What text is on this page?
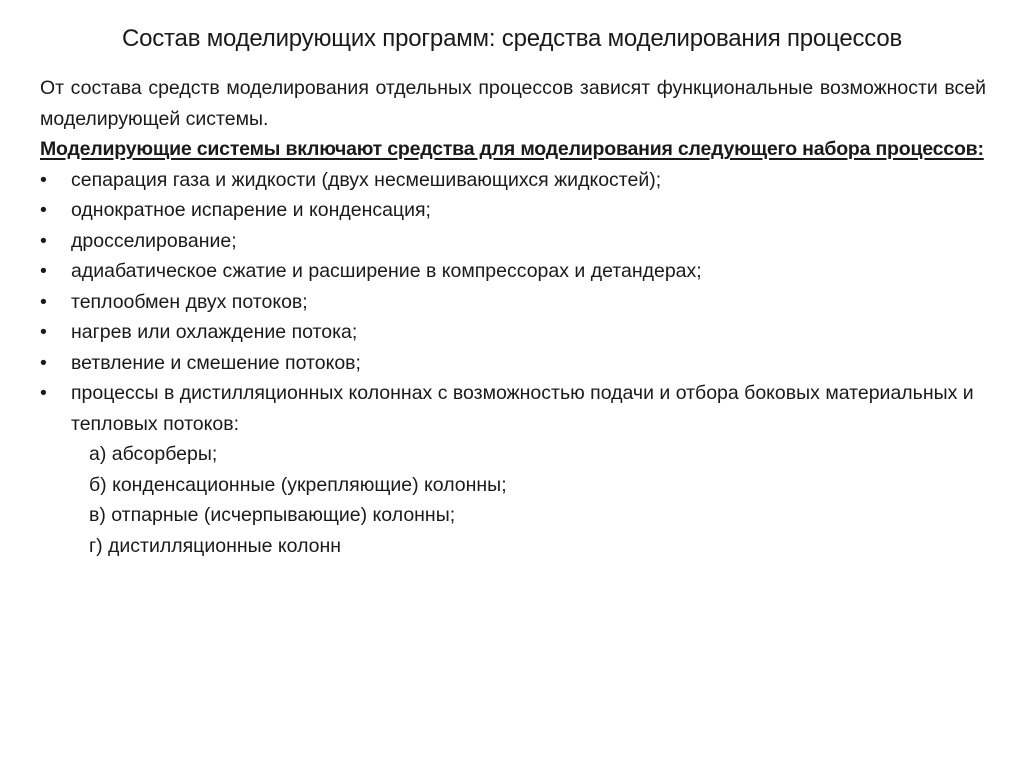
Состав моделирующих программ: средства моделирования процессов

От состава средств моделирования отдельных процессов зависят функциональные возможности всей моделирующей системы.

Моделирующие системы включают средства для моделирования следующего набора процессов:

•	сепарация газа и жидкости (двух несмешивающихся жидкостей);
•	однократное испарение и конденсация;
•	дросселирование;
•	адиабатическое сжатие и расширение в компрессорах и детандерах;
•	теплообмен двух потоков;
•	нагрев или охлаждение потока;
•	ветвление и смешение потоков;
•	процессы в дистилляционных колоннах с возможностью подачи и отбора боковых материальных и тепловых потоков:
а) абсорберы;
б) конденсационные (укрепляющие) колонны;
в) отпарные (исчерпывающие) колонны;
г) дистилляционные колонн
